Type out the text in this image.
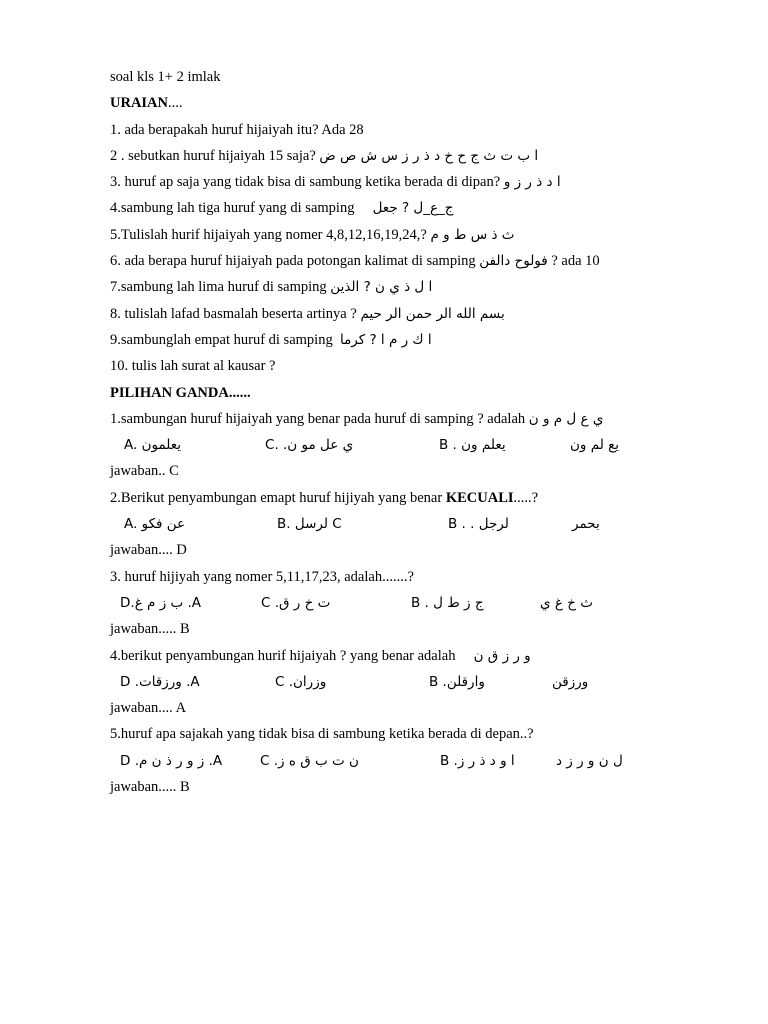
soal kls 1+ 2 imlak
URAIAN....
1. ada berapakah huruf hijaiyah itu? Ada 28
2 . sebutkan huruf hijaiyah 15 saja? ا ب ت ث ج ح خ د ذ ر ز س ش ص ض
3. huruf ap saja yang tidak bisa di sambung ketika berada di dipan? ا د ذ ر ز و
4.sambung lah tiga huruf yang di samping ج_ع_ل ? جعل
5.Tulislah hurif hijaiyah yang nomer 4,8,12,16,19,24,? ث ذ س ط و م
6. ada berapa huruf hijaiyah pada potongan kalimat di samping فولوح دالفن ? ada 10
7.sambung lah lima huruf di samping ا ل ذ ي ن ? الذين
8. tulislah lafad basmalah beserta artinya ? بسم الله الر حمن الر حيم
9.sambunglah empat huruf di samping ا ك ر م ا ? كرما
10. tulis lah surat al kausar ?
PILIHAN GANDA......
1.sambungan huruf hijaiyah yang benar pada huruf di samping ? adalah ي ع ل م و ن
A. يعلمون	ي عل مو ن. .C	يعلم ون . B	يع لم ون
jawaban.. C
2.Berikut penyambungan emapt huruf hijiyah yang benar KECUALI.....?
A. عن فكو	B. لرسل C	لرجل . . B	بحمر
jawaban.... D
3. huruf hijiyah yang nomer 5,11,17,23, adalah.......?
A. ب ز م غ.D	ت خ ر ق. C	ج ز ط ل . B	ث خ غ ي
jawaban..... B
4.berikut penyambungan hurif hijaiyah ? yang benar adalah و ر ز ق ن
A. ورزقات. D	وزران. C	وارقلن. B	ورزقن
jawaban.... A
5.huruf apa sajakah yang tidak bisa di sambung ketika berada di depan..?
A. ز و ر ذ ن م. D	ن ت ب ق ه ز. C	ا و د ذ ر ز. B	ل ن و ر ز د
jawaban..... B
